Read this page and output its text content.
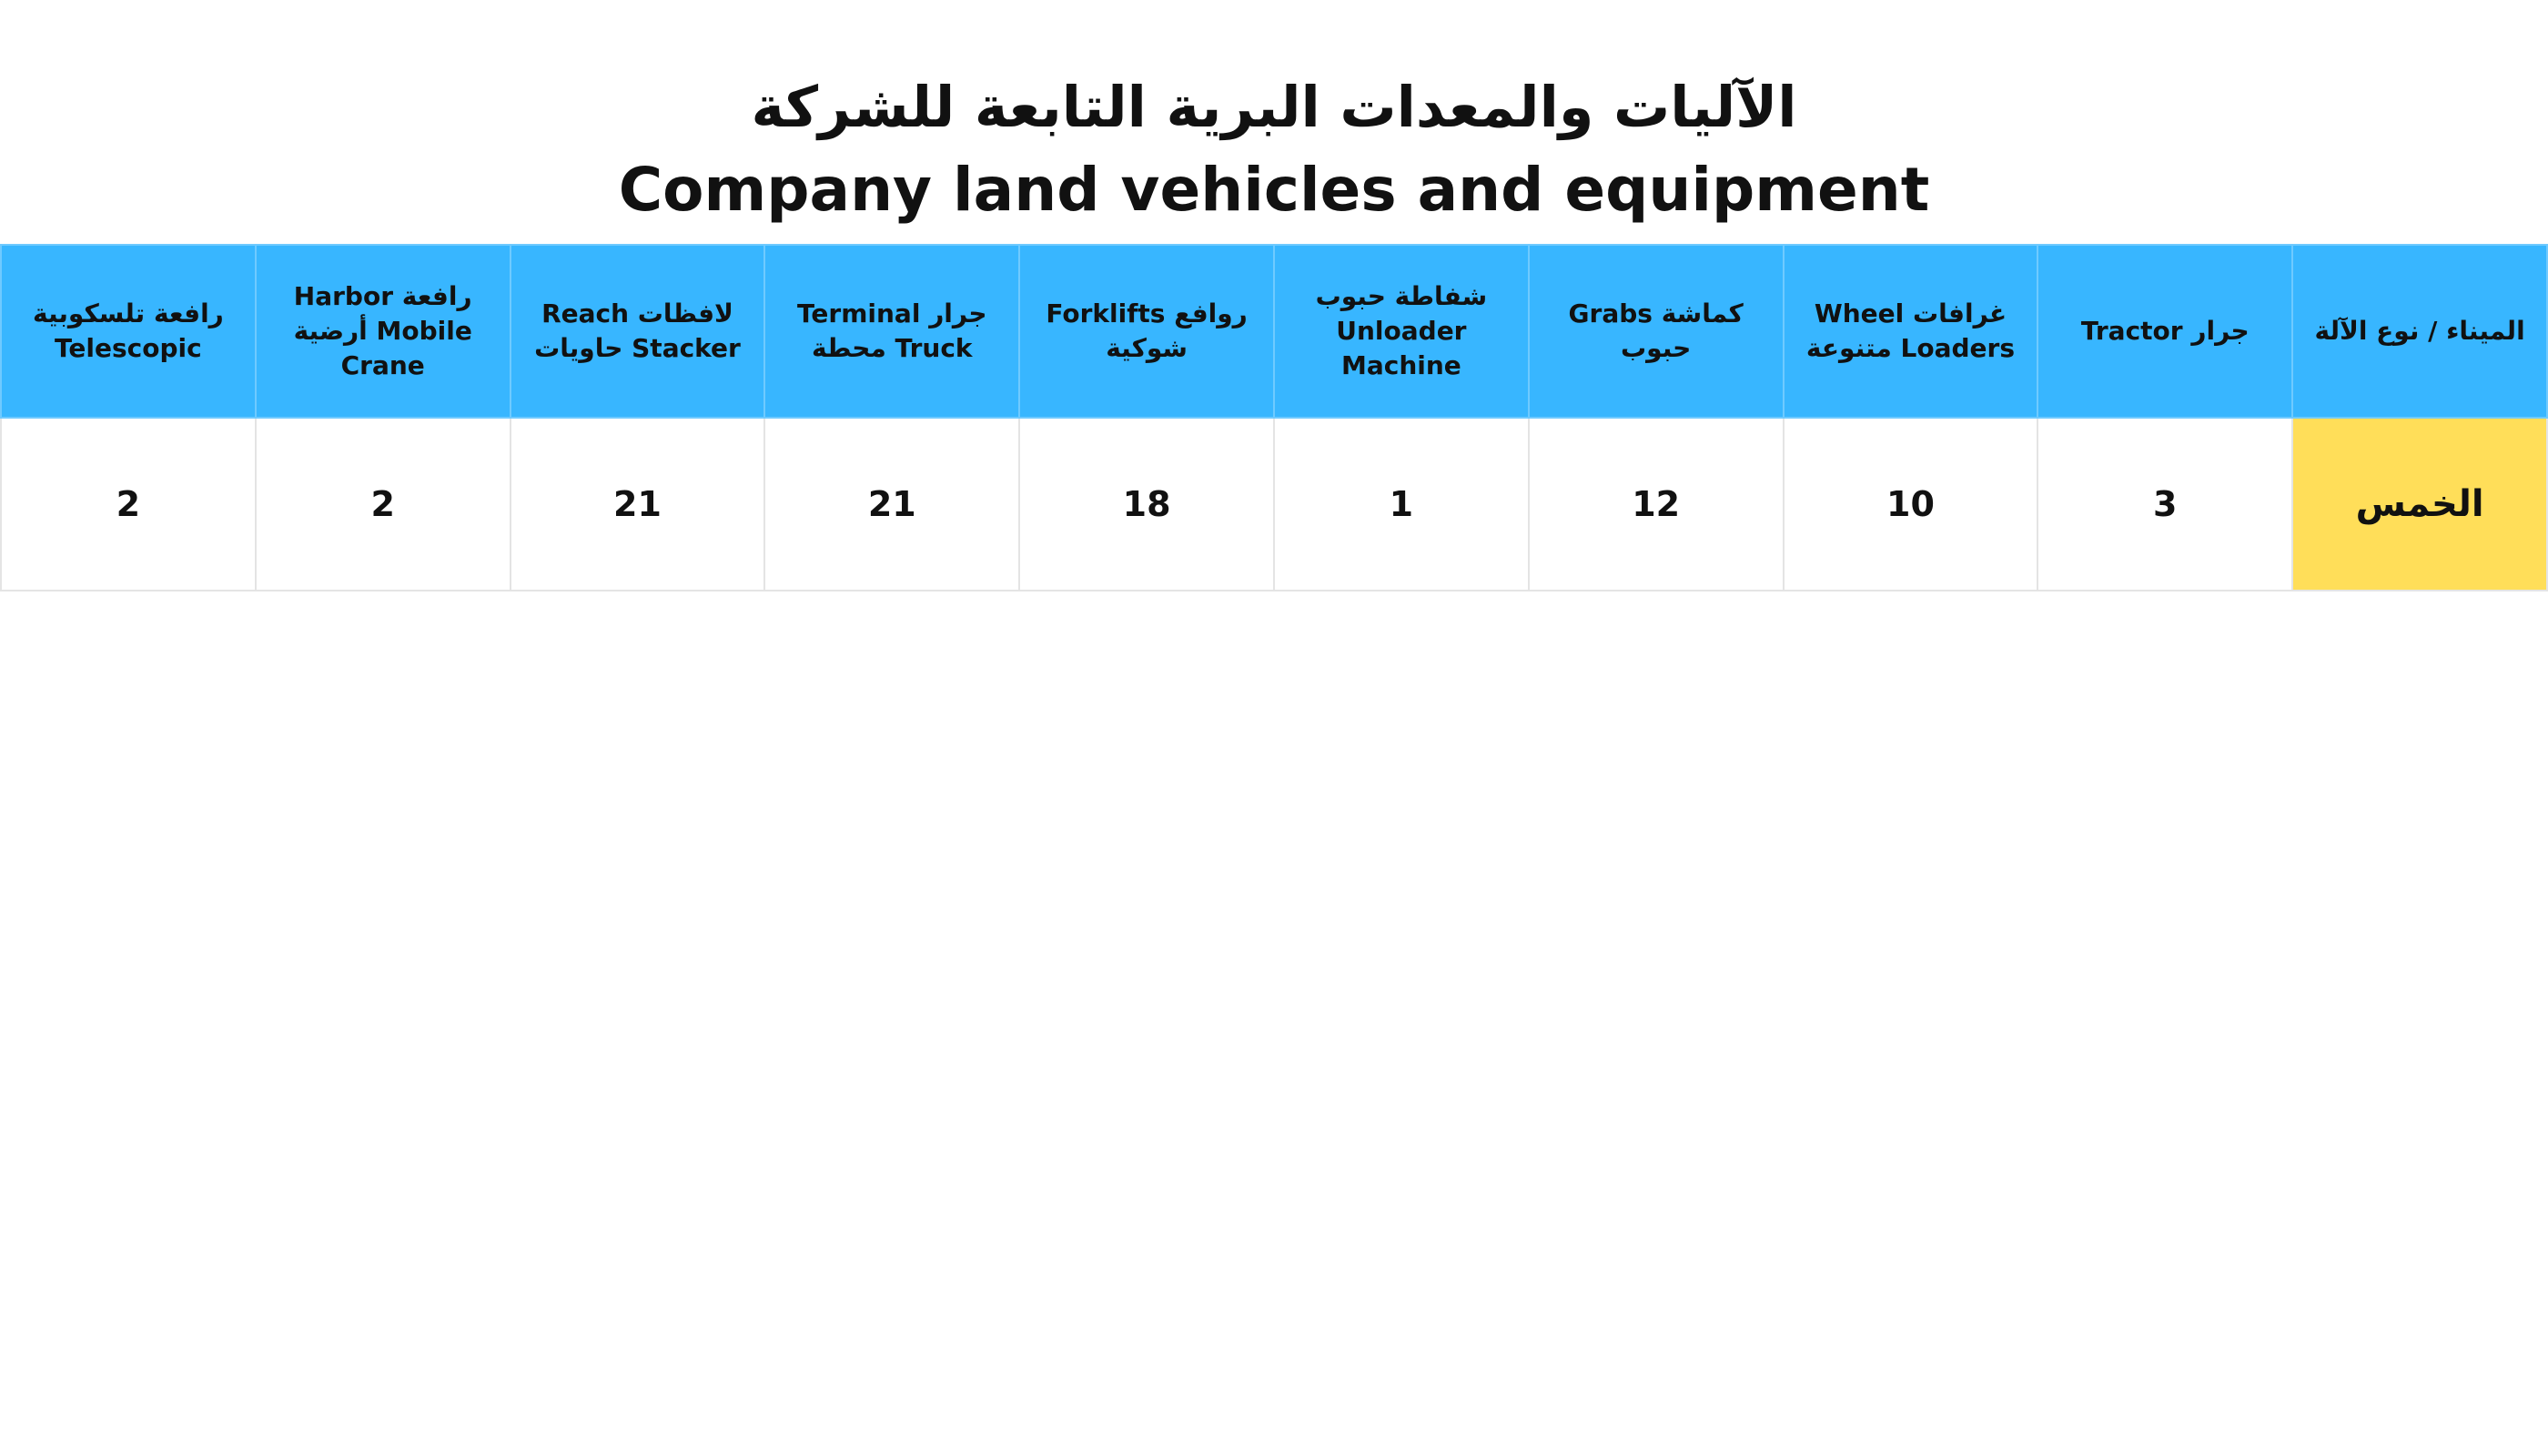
الآليات والمعدات البرية التابعة للشركة

Company land vehicles and equipment

رافعة تلسكوبية Telescopic	Harbor رافعة أرضية Mobile Crane	Reach لافظات حاويات Stacker	Terminal جرار محطة Truck	Forklifts روافع شوكية	شفاطة حبوب Unloader Machine	Grabs كماشة حبوب	Wheel غرافات متنوعة Loaders	Tractor جرار	الميناء / نوع الآلة
2	2	21	21	18	1	12	10	3	الخمس
